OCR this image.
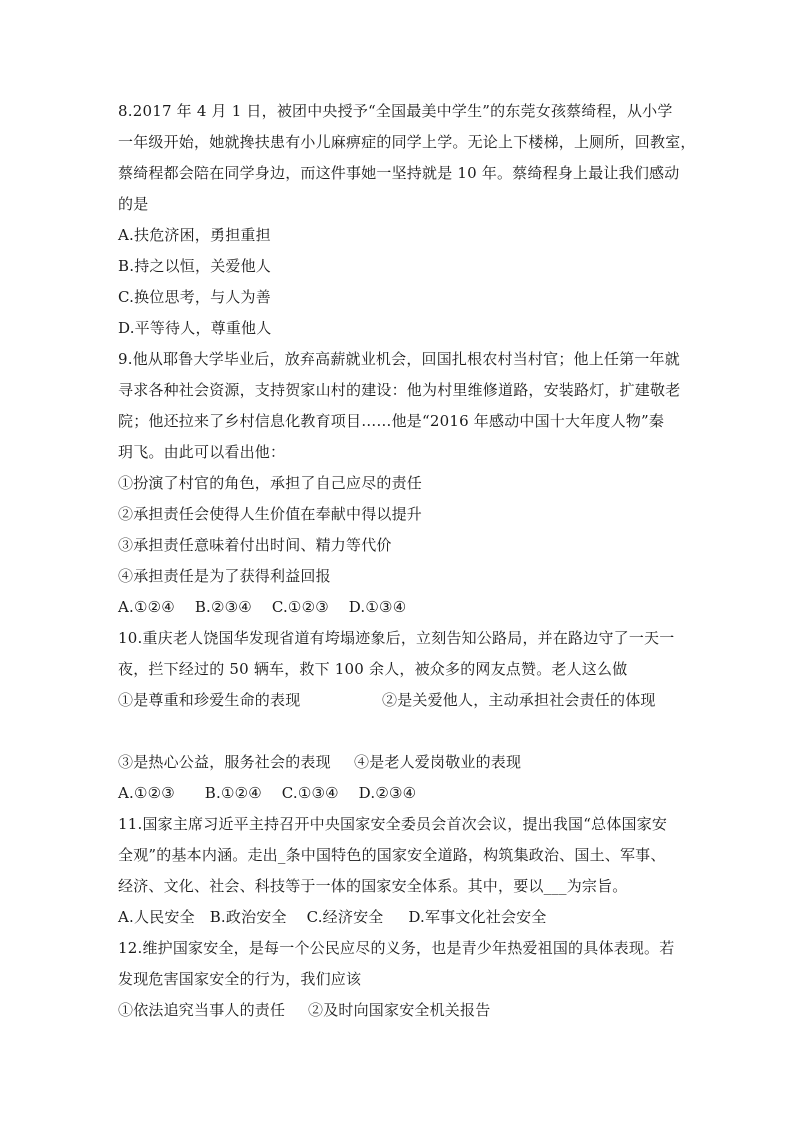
8.2017 年 4 月 1 日，被团中央授予“全国最美中学生”的东莞女孩蔡绮程，从小学
一年级开始，她就搀扶患有小儿麻痹症的同学上学。无论上下楼梯，上厕所，回教室，
蔡绮程都会陪在同学身边，而这件事她一坚持就是 10 年。蔡绮程身上最让我们感动
的是
A.扶危济困，勇担重担
B.持之以恒，关爱他人
C.换位思考，与人为善
D.平等待人，尊重他人
9.他从耶鲁大学毕业后，放弃高薪就业机会，回国扎根农村当村官；他上任第一年就
寻求各种社会资源，支持贺家山村的建设：他为村里维修道路，安装路灯，扩建敬老
院；他还拉来了乡村信息化教育项目……他是“2016 年感动中国十大年度人物”秦
玥飞。由此可以看出他：
①扮演了村官的角色，承担了自己应尽的责任
②承担责任会使得人生价值在奉献中得以提升
③承担责任意味着付出时间、精力等代价
④承担责任是为了获得利益回报
A.①②④    B.②③④    C.①②③    D.①③④
10.重庆老人饶国华发现省道有垮塌迹象后，立刻告知公路局，并在路边守了一天一
夜，拦下经过的 50 辆车，救下 100 余人，被众多的网友点赞。老人这么做
①是尊重和珍爱生命的表现	②是关爱他人，主动承担社会责任的体现
③是热心公益，服务社会的表现	④是老人爱岗敬业的表现
A.①②③      B.①②④    C.①③④    D.②③④
11.国家主席习近平主持召开中央国家安全委员会首次会议，提出我国“总体国家安
全观”的基本内涵。走出_条中国特色的国家安全道路，构筑集政治、国土、军事、
经济、文化、社会、科技等于一体的国家安全体系。其中，要以___为宗旨。
A.人民安全   B.政治安全    C.经济安全     D.军事文化社会安全
12.维护国家安全，是每一个公民应尽的义务，也是青少年热爱祖国的具体表现。若
发现危害国家安全的行为，我们应该
①依法追究当事人的责任	②及时向国家安全机关报告
